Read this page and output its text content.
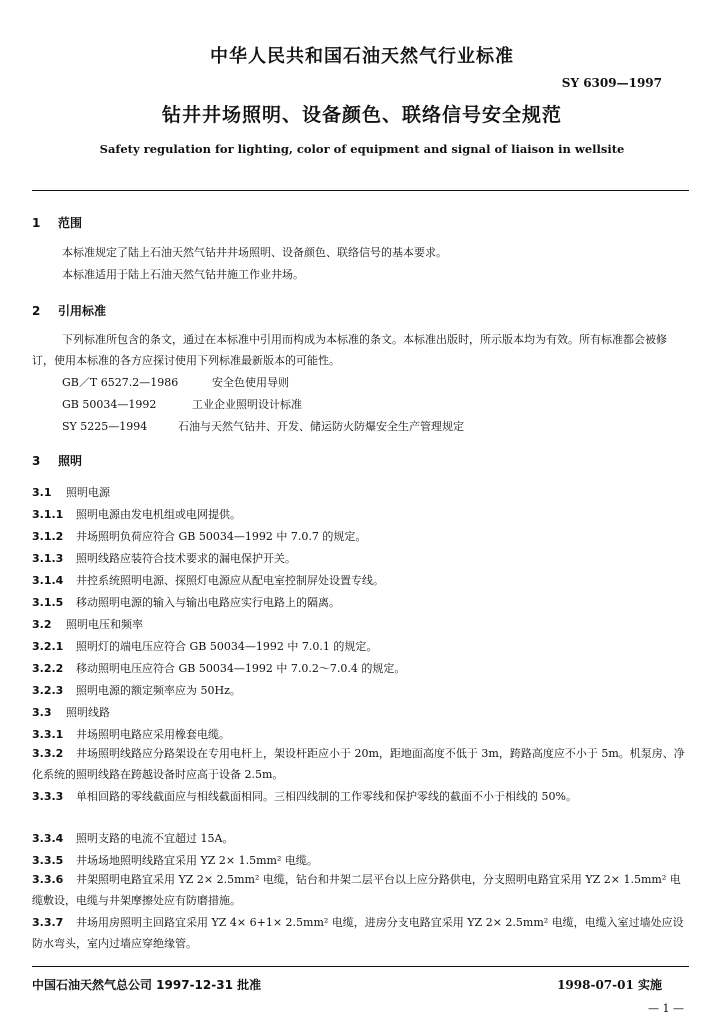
中华人民共和国石油天然气行业标准
SY 6309—1997
钻井井场照明、设备颜色、联络信号安全规范
Safety regulation for lighting, color of equipment and signal of liaison in wellsite
1 范围
本标准规定了陆上石油天然气钻井井场照明、设备颜色、联络信号的基本要求。
本标准适用于陆上石油天然气钻井施工作业井场。
2 引用标准
下列标准所包含的条文，通过在本标准中引用而构成为本标准的条文。本标准出版时，所示版本均为有效。所有标准都会被修订，使用本标准的各方应探讨使用下列标准最新版本的可能性。
GB／T 6527.2—1986	安全色使用导则
GB 50034—1992	工业企业照明设计标准
SY 5225—1994	石油与天然气钻井、开发、储运防火防爆安全生产管理规定
3 照明
3.1 照明电源
3.1.1 照明电源由发电机组或电网提供。
3.1.2 井场照明负荷应符合 GB 50034—1992 中 7.0.7 的规定。
3.1.3 照明线路应装符合技术要求的漏电保护开关。
3.1.4 井控系统照明电源、探照灯电源应从配电室控制屏处设置专线。
3.1.5 移动照明电源的输入与输出电路应实行电路上的隔离。
3.2 照明电压和频率
3.2.1 照明灯的端电压应符合 GB 50034—1992 中 7.0.1 的规定。
3.2.2 移动照明电压应符合 GB 50034—1992 中 7.0.2～7.0.4 的规定。
3.2.3 照明电源的额定频率应为 50Hz。
3.3 照明线路
3.3.1 井场照明电路应采用橡套电缆。
3.3.2 井场照明线路应分路架设在专用电杆上，架设杆距应小于 20m，距地面高度不低于 3m，跨路高度应不小于 5m。机泵房、净化系统的照明线路在跨越设备时应高于设备 2.5m。
3.3.3 单相回路的零线截面应与相线截面相同。三相四线制的工作零线和保护零线的截面不小于相线的 50%。
3.3.4 照明支路的电流不宜超过 15A。
3.3.5 井场场地照明线路宜采用 YZ 2× 1.5mm² 电缆。
3.3.6 井架照明电路宜采用 YZ 2× 2.5mm² 电缆，钻台和井架二层平台以上应分路供电，分支照明电路宜采用 YZ 2× 1.5mm² 电缆敷设，电缆与井架摩擦处应有防磨措施。
3.3.7 井场用房照明主回路宜采用 YZ 4× 6+1× 2.5mm² 电缆，进房分支电路宜采用 YZ 2× 2.5mm² 电缆，电缆入室过墙处应设防水弯头，室内过墙应穿绝缘管。
中国石油天然气总公司 1997-12-31 批准	1998-07-01 实施
— 1 —
